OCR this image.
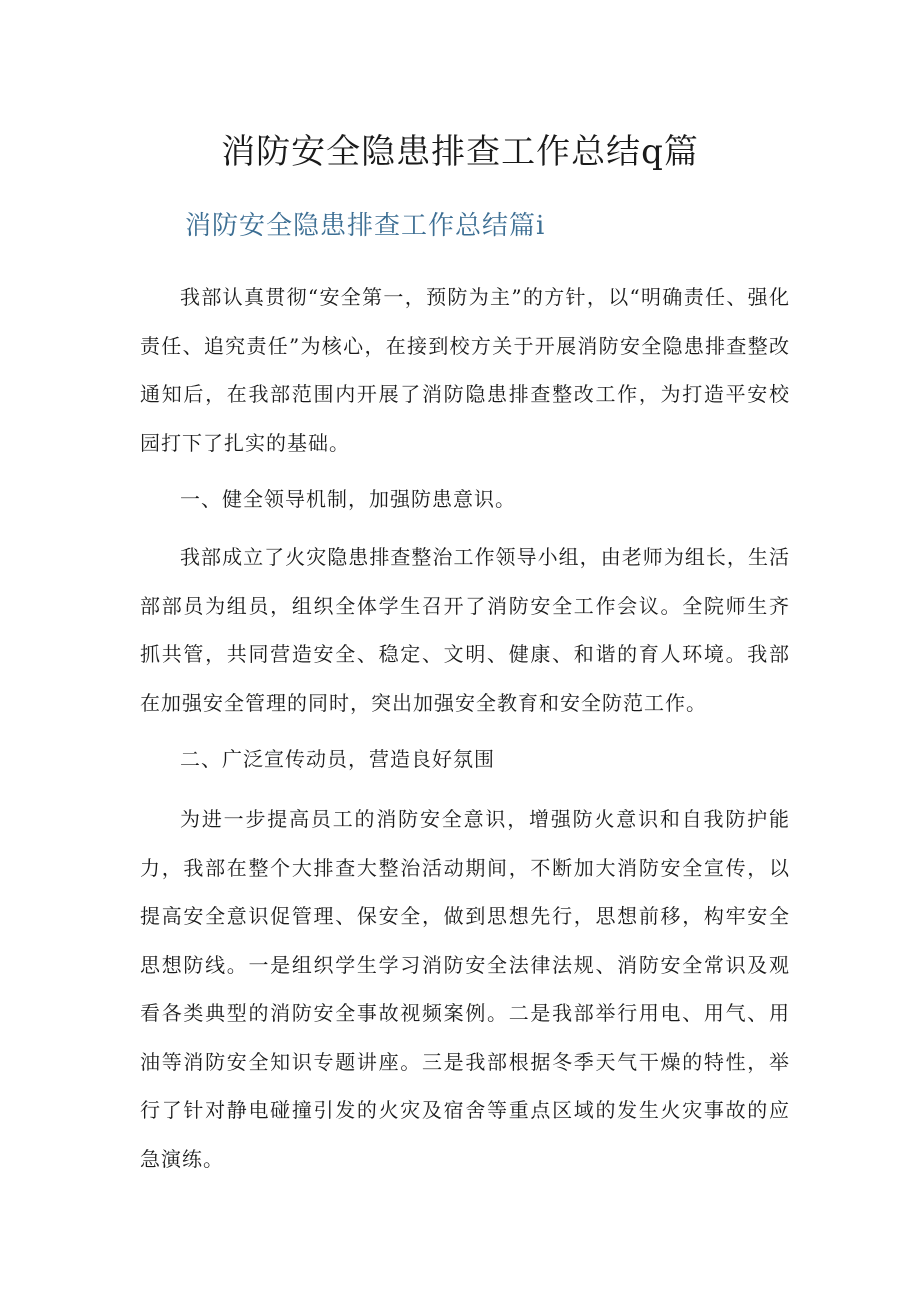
消防安全隐患排查工作总结q篇
消防安全隐患排查工作总结篇i

我部认真贯彻“安全第一，预防为主”的方针，以“明确责任、强化责任、追究责任”为核心，在接到校方关于开展消防安全隐患排查整改通知后，在我部范围内开展了消防隐患排查整改工作，为打造平安校园打下了扎实的基础。

一、健全领导机制，加强防患意识。

我部成立了火灾隐患排查整治工作领导小组，由老师为组长，生活部部员为组员，组织全体学生召开了消防安全工作会议。全院师生齐抓共管，共同营造安全、稳定、文明、健康、和谐的育人环境。我部在加强安全管理的同时，突出加强安全教育和安全防范工作。

二、广泛宣传动员，营造良好氛围

为进一步提高员工的消防安全意识，增强防火意识和自我防护能力，我部在整个大排查大整治活动期间，不断加大消防安全宣传，以提高安全意识促管理、保安全，做到思想先行，思想前移，构牢安全思想防线。一是组织学生学习消防安全法律法规、消防安全常识及观看各类典型的消防安全事故视频案例。二是我部举行用电、用气、用油等消防安全知识专题讲座。三是我部根据冬季天气干燥的特性，举行了针对静电碰撞引发的火灾及宿舍等重点区域的发生火灾事故的应急演练。
